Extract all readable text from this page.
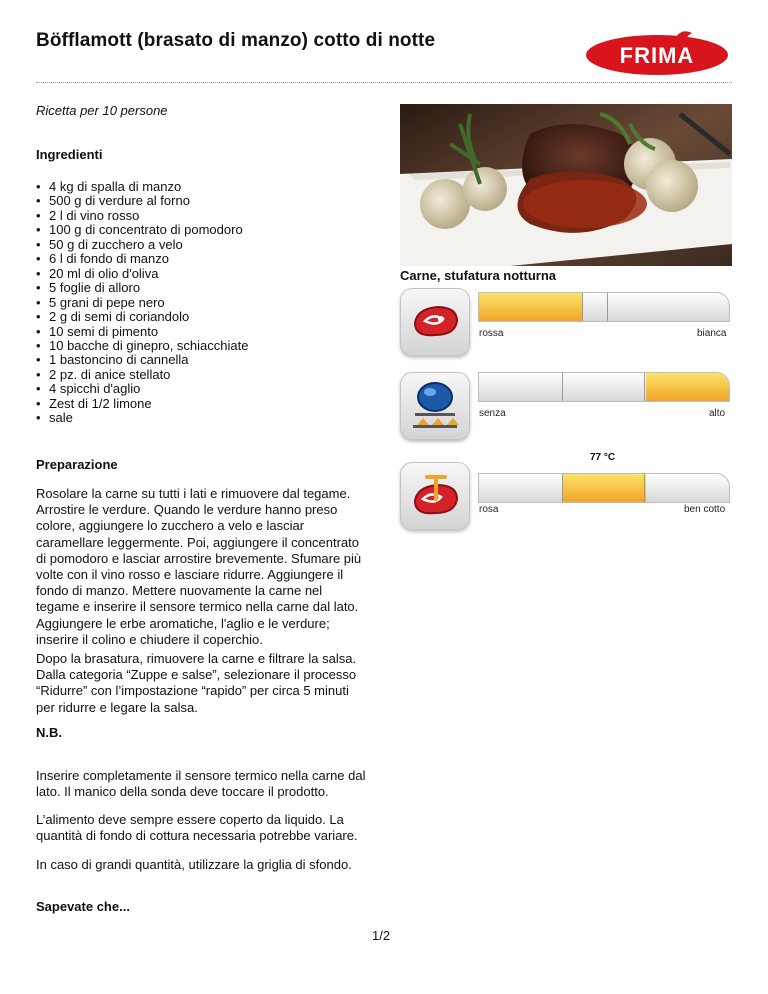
Böfflamott (brasato di manzo) cotto di notte
FRIMA
Ricetta per 10 persone
Ingredienti
• 4 kg di spalla di manzo
• 500 g di verdure al forno
• 2 l di vino rosso
• 100 g di concentrato di pomodoro
• 50 g di zucchero a velo
• 6 l di fondo di manzo
• 20 ml di olio d'oliva
• 5 foglie di alloro
• 5 grani di pepe nero
• 2 g di semi di coriandolo
• 10 semi di pimento
• 10 bacche di ginepro, schiacchiate
• 1 bastoncino di cannella
• 2 pz. di anice stellato
• 4 spicchi d'aglio
• Zest di 1/2 limone
• sale
Preparazione

Rosolare la carne su tutti i lati e rimuovere dal tegame. Arrostire le verdure. Quando le verdure hanno preso colore, aggiungere lo zucchero a velo e lasciar caramellare leggermente. Poi, aggiungere il concentrato di pomodoro e lasciar arrostire brevemente. Sfumare più volte con il vino rosso e lasciare ridurre. Aggiungere il fondo di manzo. Mettere nuovamente la carne nel tegame e inserire il sensore termico nella carne dal lato. Aggiungere le erbe aromatiche, l'aglio e le verdure; inserire il colino e chiudere il coperchio.

Dopo la brasatura, rimuovere la carne e filtrare la salsa. Dalla categoria “Zuppe e salse”, selezionare il processo “Ridurre” con l’impostazione “rapido” per circa 5 minuti per ridurre e legare la salsa.

N.B.

Inserire completamente il sensore termico nella carne dal lato. Il manico della sonda deve toccare il prodotto.

L’alimento deve sempre essere coperto da liquido. La quantità di fondo di cottura necessaria potrebbe variare.

In caso di grandi quantità, utilizzare la griglia di sfondo.

Sapevate che...
Carne, stufatura notturna
rossa	bianca
senza	alto
77 °C
rosa	ben cotto
1/2
